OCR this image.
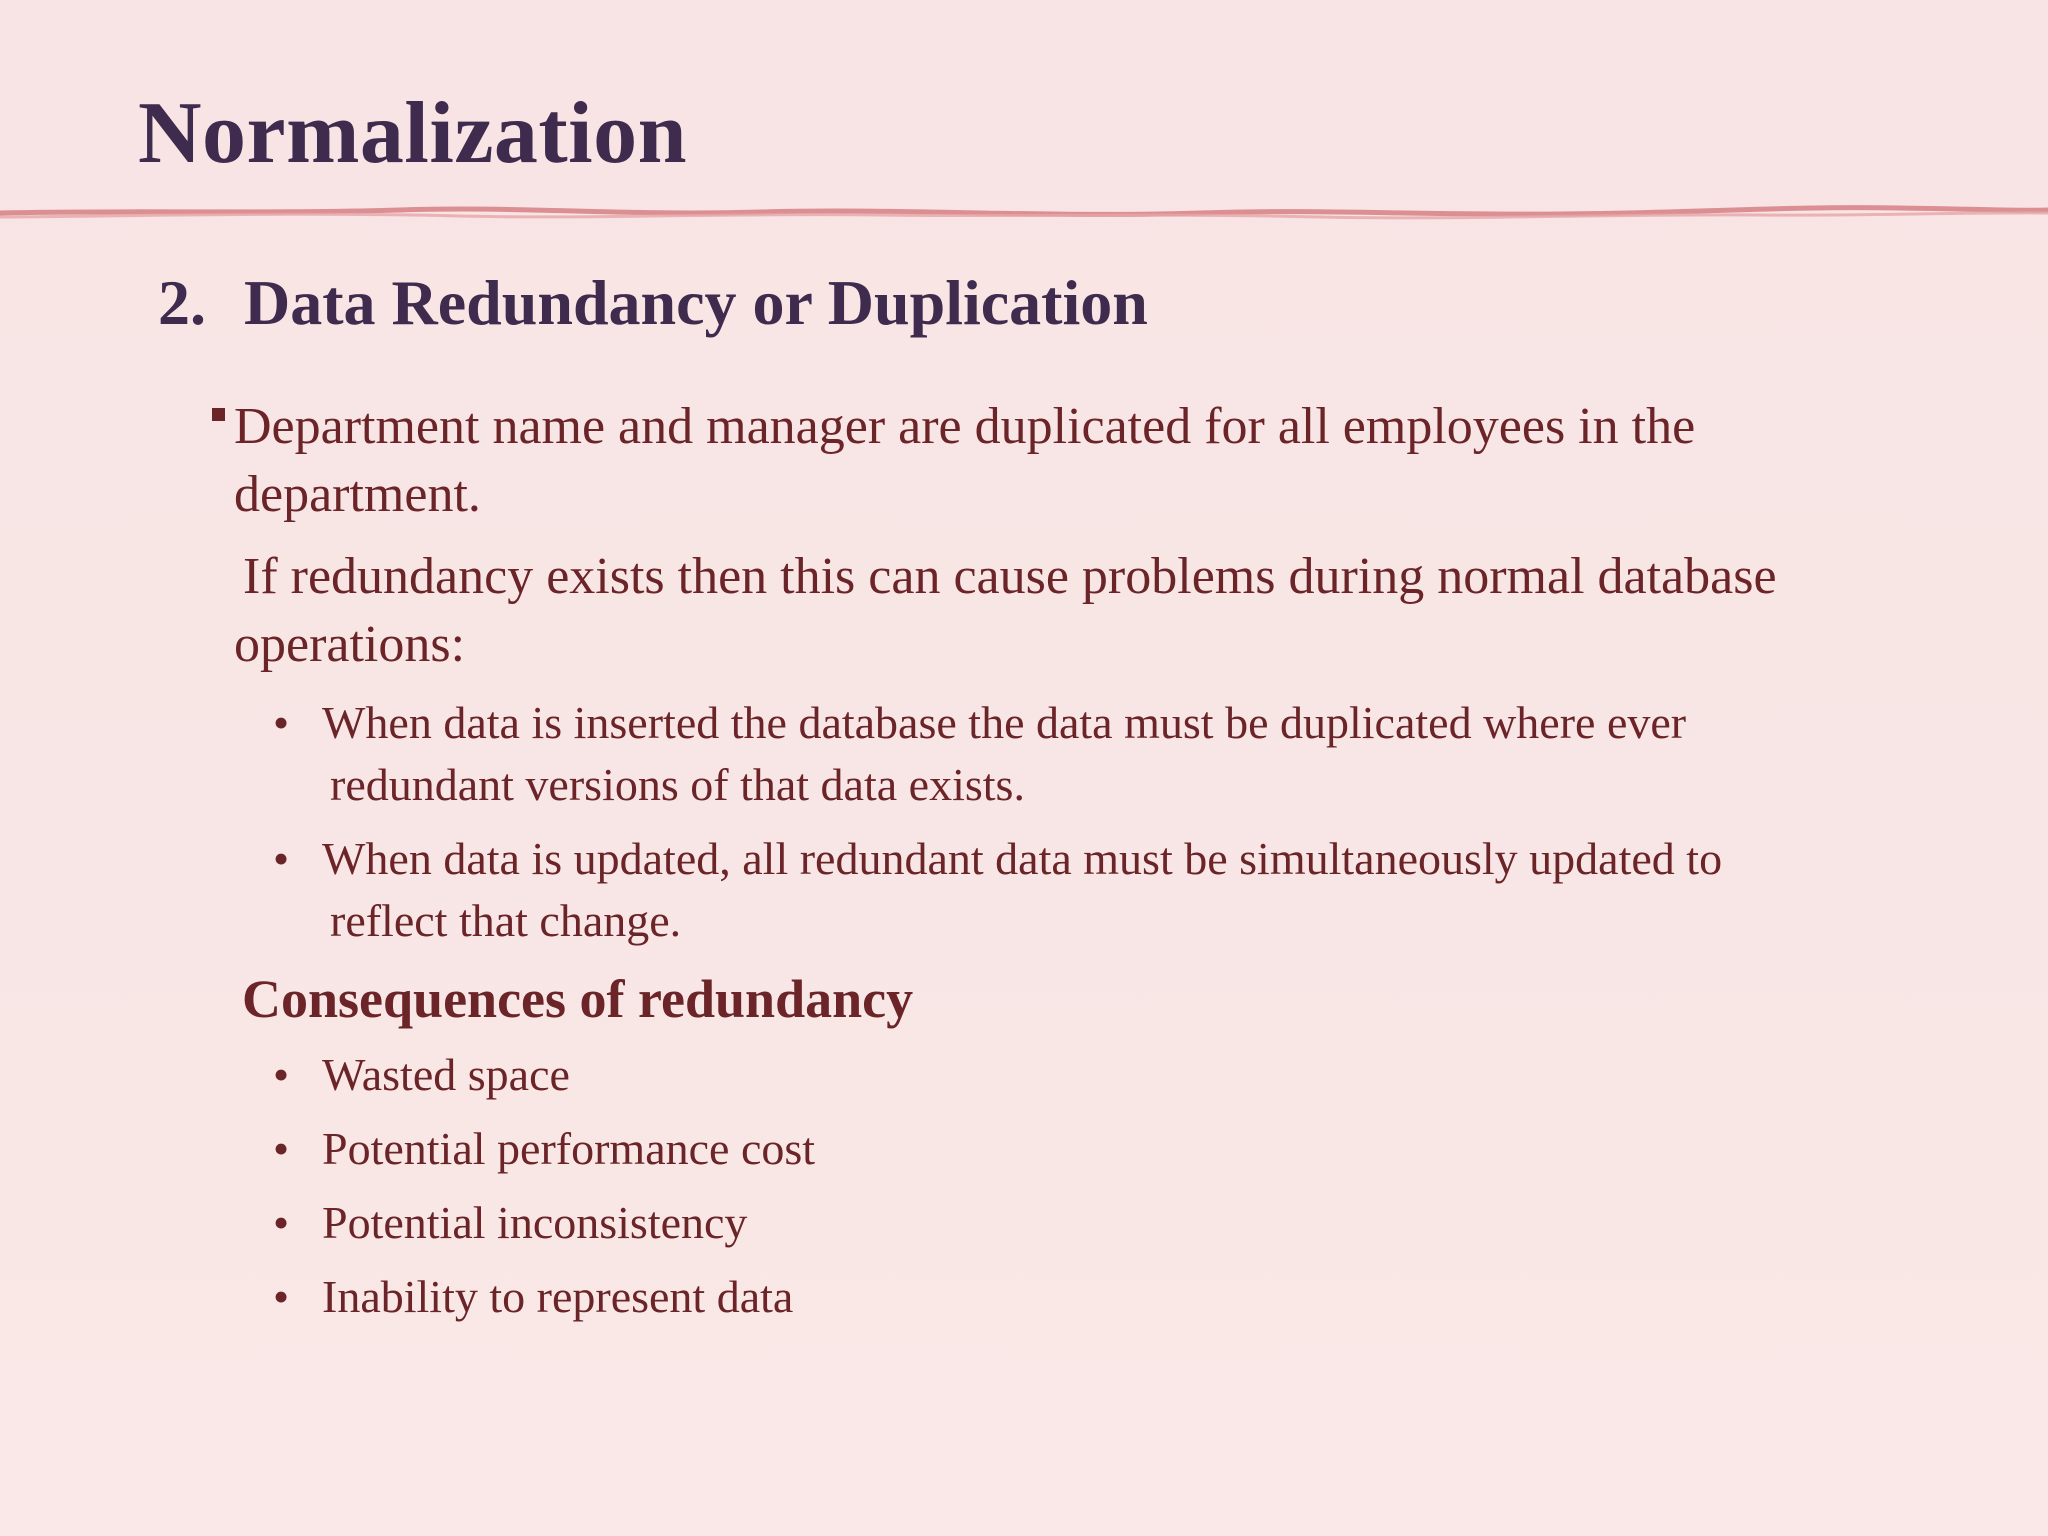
Normalization
2. Data Redundancy or Duplication

Department name and manager are duplicated for all employees in the department.

If redundancy exists then this can cause problems during normal database operations:

• When data is inserted the database the data must be duplicated where ever
redundant versions of that data exists.
• When data is updated, all redundant data must be simultaneously updated to
reflect that change.
Consequences of redundancy
• Wasted space
• Potential performance cost
• Potential inconsistency
• Inability to represent data
